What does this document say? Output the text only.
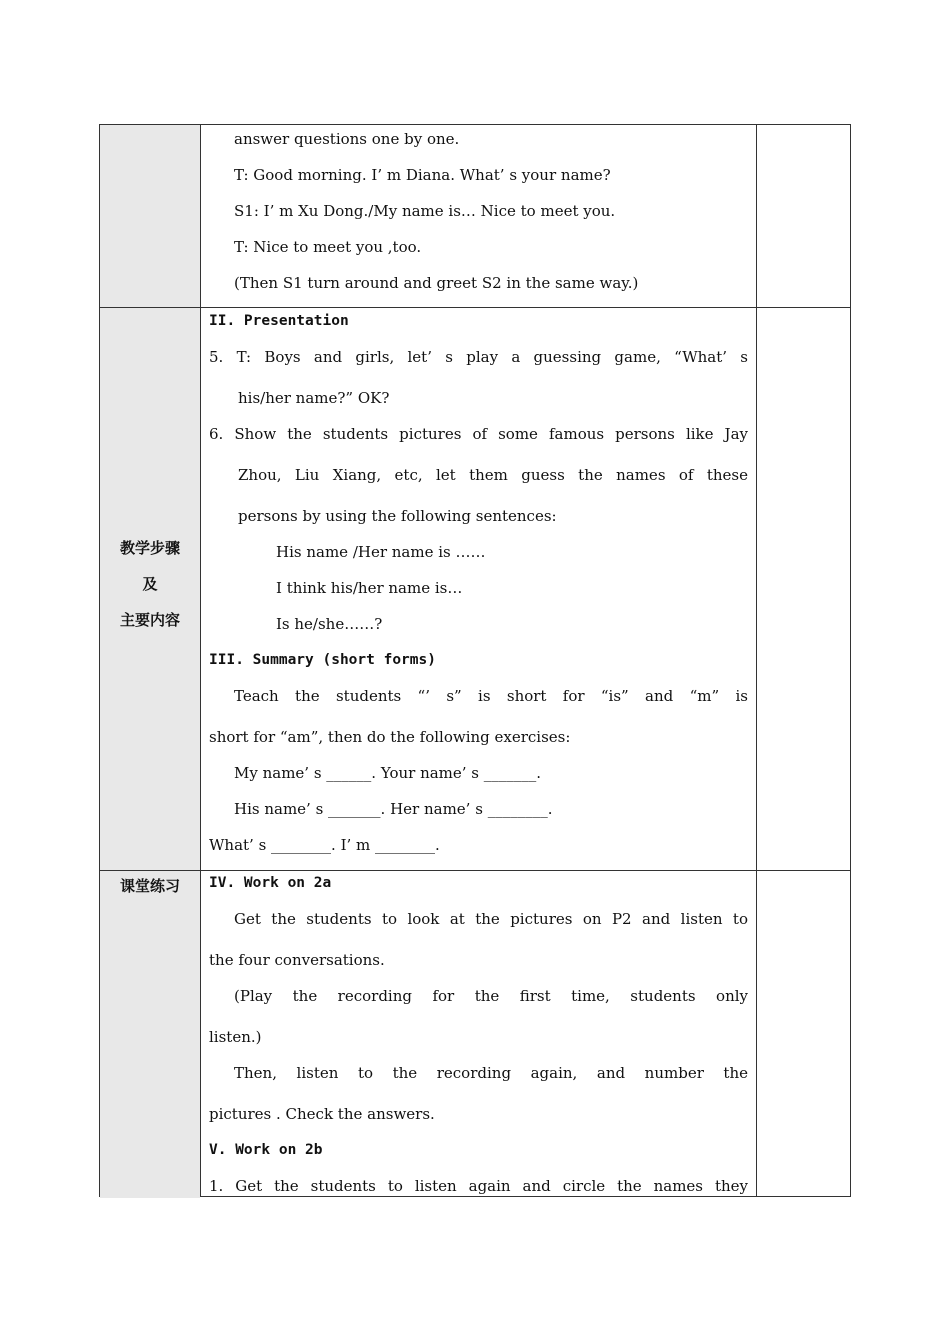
教学步骤
及
主要内容
课堂练习
answer questions one by one.
T: Good morning. I’ m Diana. What’ s your name?
S1: I’ m Xu Dong./My name is… Nice to meet you.
T: Nice to meet you ,too.
(Then S1 turn around and greet S2 in the same way.)
II. Presentation
5. T: Boys and girls, let’ s play a guessing game, “What’ s
his/her name?” OK?
6. Show the students pictures of some famous persons like Jay
Zhou, Liu Xiang, etc, let them guess the names of these
persons by using the following sentences:
His name /Her name is ……
I think his/her name is…
Is he/she……?
III. Summary (short forms)
Teach the students “’ s” is short for “is” and “m” is
short for “am”, then do the following exercises:
My name’ s ______. Your name’ s _______.
His name’ s _______. Her name’ s ________.
What’ s ________. I’ m ________.
IV. Work on 2a
Get the students to look at the pictures on P2 and listen to
the four conversations.
(Play the recording for the first time, students only
listen.)
Then, listen to the recording again, and number the
pictures . Check the answers.
V. Work on 2b
1. Get the students to listen again and circle the names they
